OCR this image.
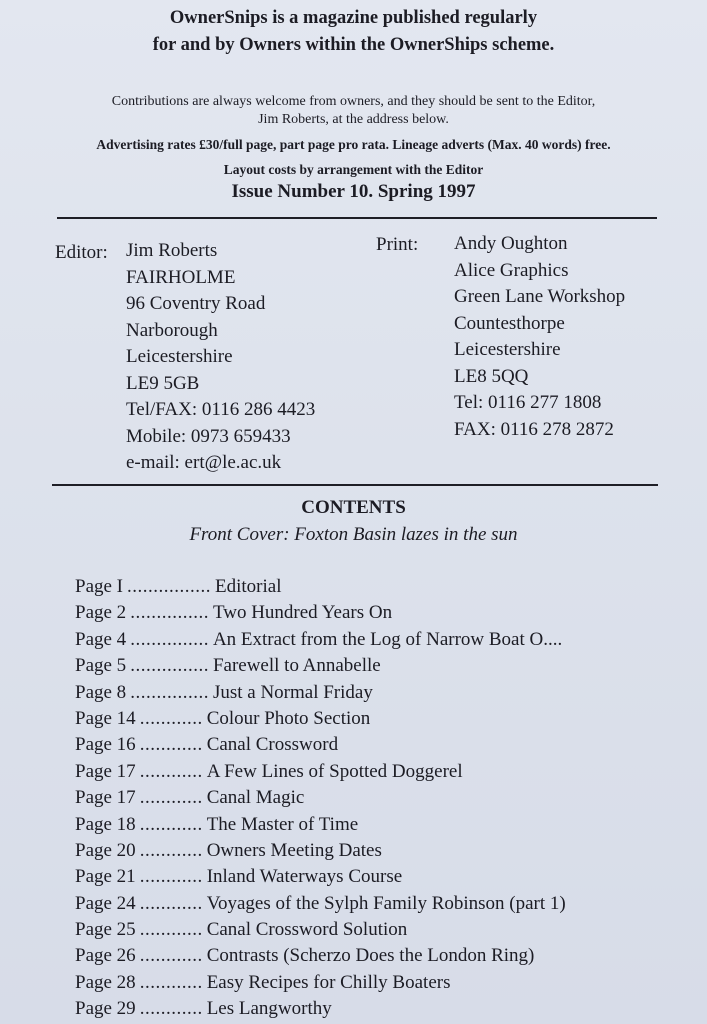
OwnerSnips is a magazine published regularly
for and by Owners within the OwnerShips scheme.
Contributions are always welcome from owners, and they should be sent to the Editor,
Jim Roberts, at the address below.
Advertising rates £30/full page, part page pro rata. Lineage adverts (Max. 40 words) free.
Layout costs by arrangement with the Editor
Issue Number 10. Spring 1997
Editor: Jim Roberts
FAIRHOLME
96 Coventry Road
Narborough
Leicestershire
LE9 5GB
Tel/FAX: 0116 286 4423
Mobile: 0973 659433
e-mail: ert@le.ac.uk
Print: Andy Oughton
Alice Graphics
Green Lane Workshop
Countesthorpe
Leicestershire
LE8 5QQ
Tel: 0116 277 1808
FAX: 0116 278 2872
CONTENTS
Front Cover: Foxton Basin lazes in the sun
Page I ................ Editorial
Page 2 ............... Two Hundred Years On
Page 4 ............... An Extract from the Log of Narrow Boat O....
Page 5 ............... Farewell to Annabelle
Page 8 ............... Just a Normal Friday
Page 14 ............ Colour Photo Section
Page 16 ............ Canal Crossword
Page 17 ............ A Few Lines of Spotted Doggerel
Page 17 ............ Canal Magic
Page 18 ............ The Master of Time
Page 20 ............ Owners Meeting Dates
Page 21 ............ Inland Waterways Course
Page 24 ............ Voyages of the Sylph Family Robinson (part 1)
Page 25 ............ Canal Crossword Solution
Page 26 ............ Contrasts (Scherzo Does the London Ring)
Page 28 ............ Easy Recipes for Chilly Boaters
Page 29 ............ Les Langworthy
